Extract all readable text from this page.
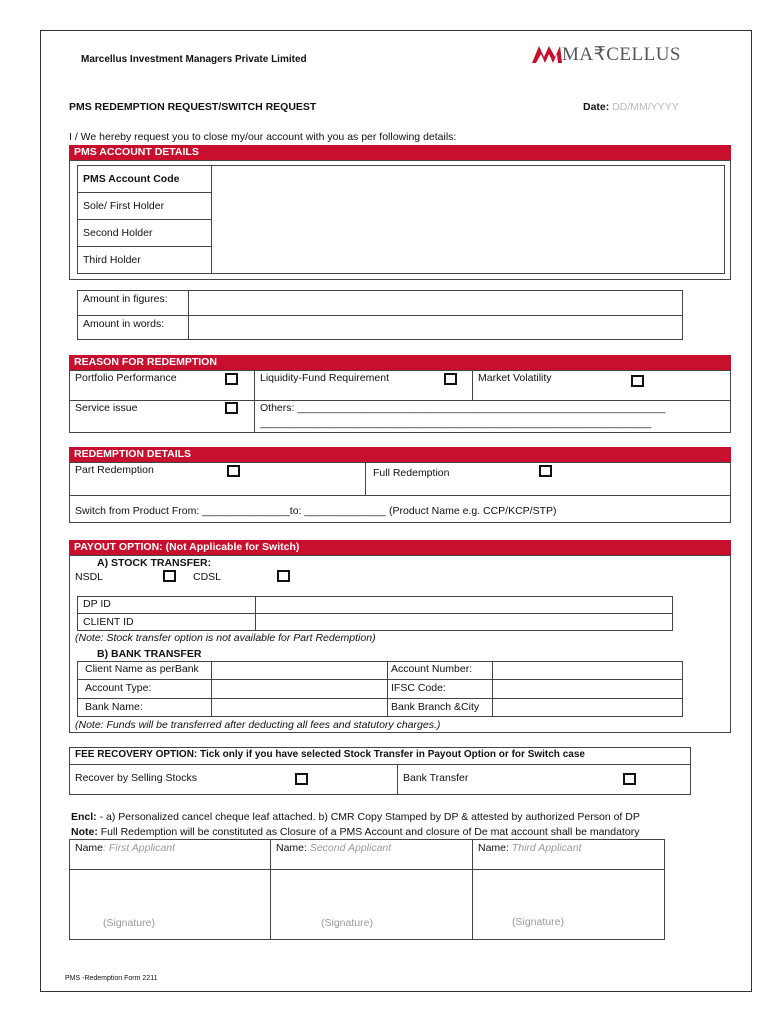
Marcellus Investment Managers Private Limited	MA₹CELLUS
PMS REDEMPTION REQUEST/SWITCH REQUEST	Date: DD/MM/YYYY
I / We hereby request you to close my/our account with you as per following details:
PMS ACCOUNT DETAILS
PMS Account Code
Sole/ First Holder
Second Holder
Third Holder
Amount in figures:
Amount in words:
REASON FOR REDEMPTION
Portfolio Performance	Liquidity-Fund Requirement	Market Volatility
Service issue	Others: _______________________________________________________________
___________________________________________________________________
REDEMPTION DETAILS
Part Redemption	Full Redemption
Switch from Product From: _______________to: ______________ (Product Name e.g. CCP/KCP/STP)
PAYOUT OPTION: (Not Applicable for Switch)
A) STOCK TRANSFER:
NSDL	CDSL
DP ID
CLIENT ID
(Note: Stock transfer option is not available for Part Redemption)
B) BANK TRANSFER
Client Name as perBank	Account Number:
Account Type:	IFSC Code:
Bank Name:	Bank Branch &City
(Note: Funds will be transferred after deducting all fees and statutory charges.)
FEE RECOVERY OPTION: Tick only if you have selected Stock Transfer in Payout Option or for Switch case
Recover by Selling Stocks	Bank Transfer
Encl: - a) Personalized cancel cheque leaf attached. b) CMR Copy Stamped by DP & attested by authorized Person of DP
Note: Full Redemption will be constituted as Closure of a PMS Account and closure of De mat account shall be mandatory
Name: First Applicant	Name: Second Applicant	Name: Third Applicant
(Signature)	(Signature)	(Signature)
PMS -Redemption Form 2211
